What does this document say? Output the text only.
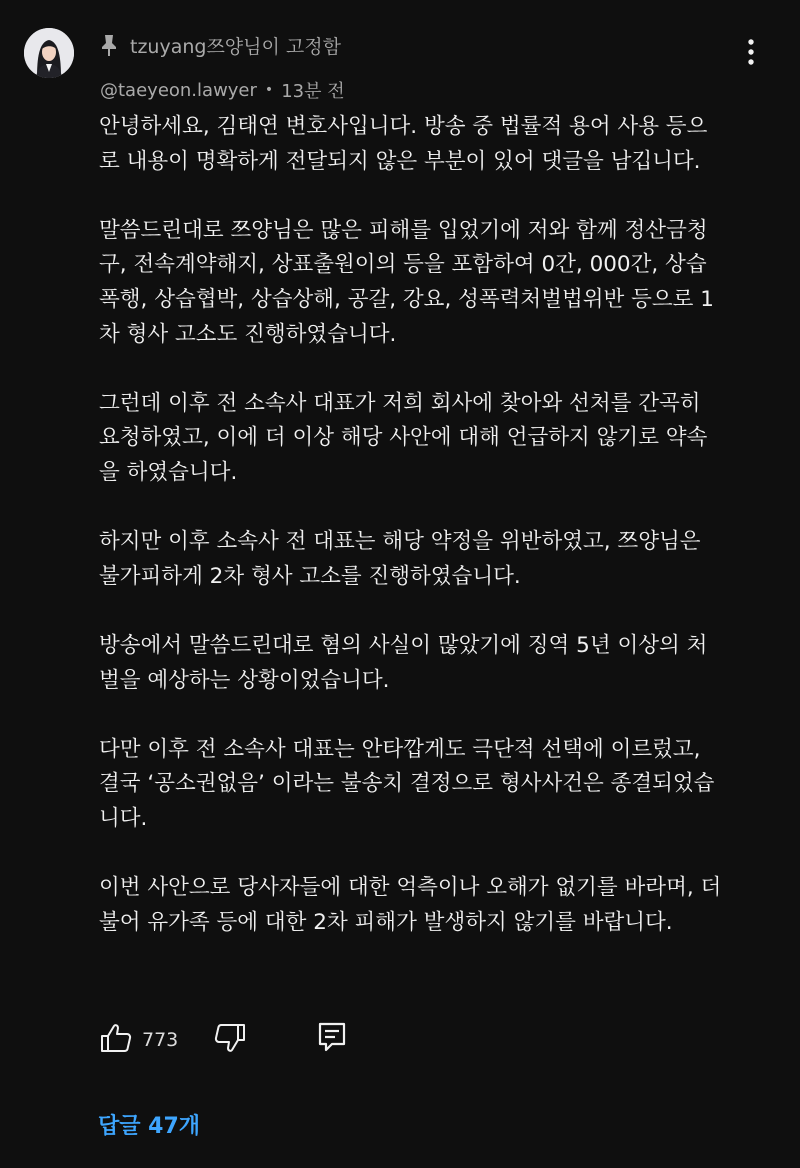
tzuyang쯔양님이 고정함
@taeyeon.lawyer • 13분 전

안녕하세요, 김태연 변호사입니다. 방송 중 법률적 용어 사용 등으
로 내용이 명확하게 전달되지 않은 부분이 있어 댓글을 남깁니다.

말씀드린대로 쯔양님은 많은 피해를 입었기에 저와 함께 정산금청
구, 전속계약해지, 상표출원이의 등을 포함하여 0간, 000간, 상습
폭행, 상습협박, 상습상해, 공갈, 강요, 성폭력처벌법위반 등으로 1
차 형사 고소도 진행하였습니다.

그런데 이후 전 소속사 대표가 저희 회사에 찾아와 선처를 간곡히
요청하였고, 이에 더 이상 해당 사안에 대해 언급하지 않기로 약속
을 하였습니다.

하지만 이후 소속사 전 대표는 해당 약정을 위반하였고, 쯔양님은
불가피하게 2차 형사 고소를 진행하였습니다.

방송에서 말씀드린대로 혐의 사실이 많았기에 징역 5년 이상의 처
벌을 예상하는 상황이었습니다.

다만 이후 전 소속사 대표는 안타깝게도 극단적 선택에 이르렀고,
결국 ‘공소권없음’ 이라는 불송치 결정으로 형사사건은 종결되었습
니다.

이번 사안으로 당사자들에 대한 억측이나 오해가 없기를 바라며, 더
불어 유가족 등에 대한 2차 피해가 발생하지 않기를 바랍니다.

773
답글 47개
